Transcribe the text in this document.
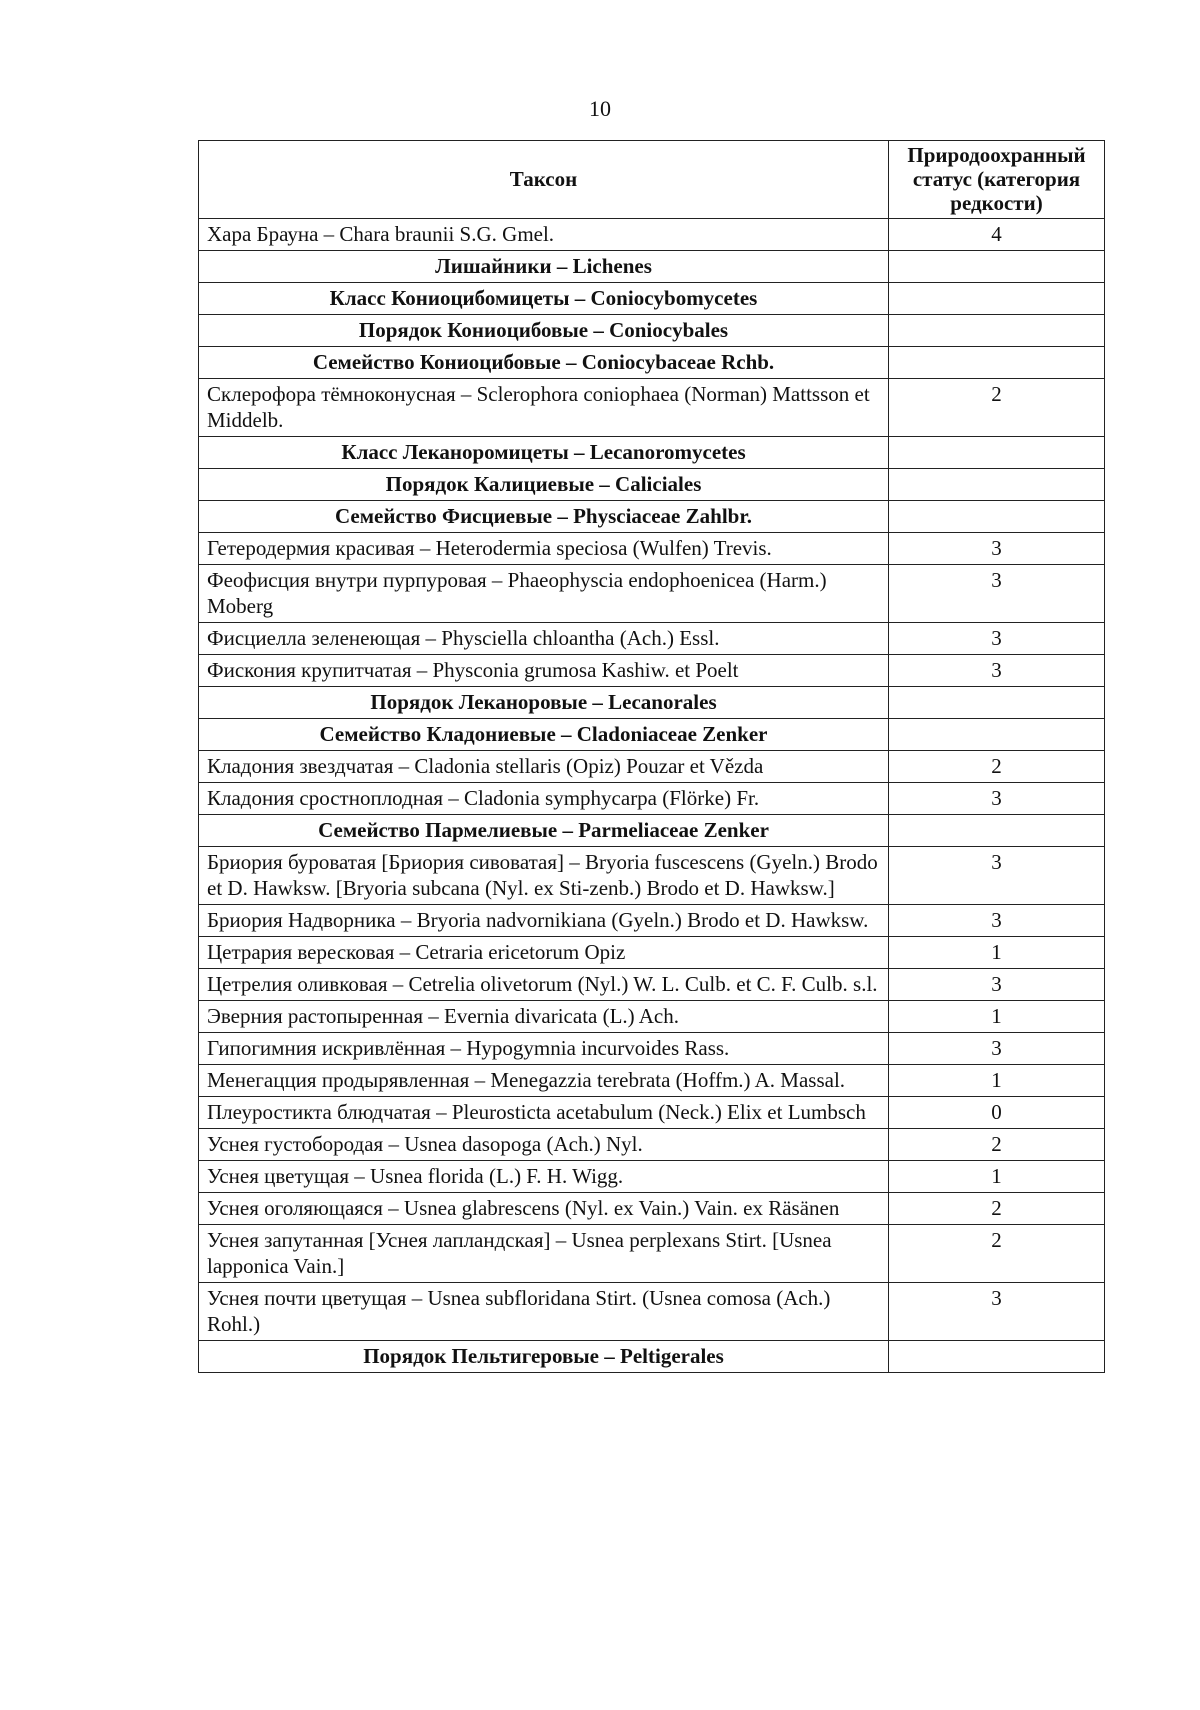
10
Таксон	Природоохранный статус (категория редкости)
Хара Брауна – Chara braunii S.G. Gmel.	4
Лишайники – Lichenes	
Класс Кониоцибомицеты – Coniocybomycetes	
Порядок Кониоцибовые – Coniocybales	
Семейство Кониоцибовые – Coniocybaceae Rchb.	
Склерофора тёмноконусная – Sclerophora coniophaea (Norman) Mattsson et Middelb.	2
Класс Леканоромицеты – Lecanoromycetes	
Порядок Калициевые – Caliciales	
Семейство Фисциевые – Physciaceae Zahlbr.	
Гетеродермия красивая – Heterodermia speciosa (Wulfen) Trevis.	3
Феофисция внутри пурпуровая – Phaeophyscia endophoenicea (Harm.) Moberg	3
Фисциелла зеленеющая – Physciella chloantha (Ach.) Essl.	3
Фискония крупитчатая – Physconia grumosa Kashiw. et Poelt	3
Порядок Леканоровые – Lecanorales	
Семейство Кладониевые – Cladoniaceae Zenker	
Кладония звездчатая – Cladonia stellaris (Opiz) Pouzar et Vězda	2
Кладония сростноплодная – Cladonia symphycarpa (Flörke) Fr.	3
Семейство Пармелиевые – Parmeliaceae Zenker	
Бриория буроватая [Бриория сивоватая] – Bryoria fuscescens (Gyeln.) Brodo et D. Hawksw. [Bryoria subcana (Nyl. ex Sti-zenb.) Brodo et D. Hawksw.]	3
Бриория Надворника – Bryoria nadvornikiana (Gyeln.) Brodo et D. Hawksw.	3
Цетрария вересковая – Cetraria ericetorum Opiz	1
Цетрелия оливковая – Cetrelia olivetorum (Nyl.) W. L. Culb. et C. F. Culb. s.l.	3
Эверния растопыренная – Evernia divaricata (L.) Ach.	1
Гипогимния искривлённая – Hypogymnia incurvoides Rass.	3
Менегацция продырявленная – Menegazzia terebrata (Hoffm.) A. Massal.	1
Плеуростикта блюдчатая – Pleurosticta acetabulum (Neck.) Elix et Lumbsch	0
Уснея густобородая – Usnea dasopoga (Ach.) Nyl.	2
Уснея цветущая – Usnea florida (L.) F. H. Wigg.	1
Уснея оголяющаяся – Usnea glabrescens (Nyl. ex Vain.) Vain. ex Räsänen	2
Уснея запутанная [Уснея лапландская] – Usnea perplexans Stirt. [Usnea lapponica Vain.]	2
Уснея почти цветущая – Usnea subfloridana Stirt. (Usnea comosa (Ach.) Rohl.)	3
Порядок Пельтигеровые – Peltigerales	
